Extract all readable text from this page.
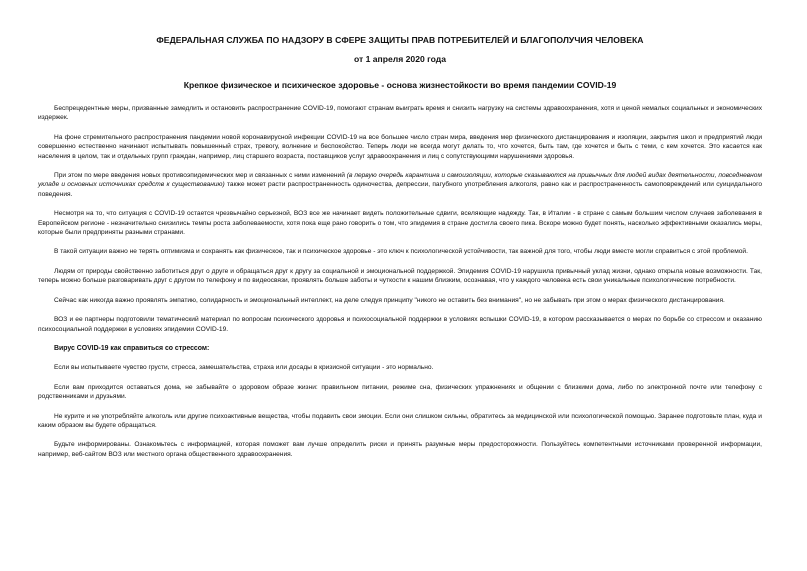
ФЕДЕРАЛЬНАЯ СЛУЖБА ПО НАДЗОРУ В СФЕРЕ ЗАЩИТЫ ПРАВ ПОТРЕБИТЕЛЕЙ И БЛАГОПОЛУЧИЯ ЧЕЛОВЕКА

от 1 апреля 2020 года

Крепкое физическое и психическое здоровье - основа жизнестойкости во время пандемии COVID-19

Беспрецедентные меры, призванные замедлить и остановить распространение COVID-19, помогают странам выиграть время и снизить нагрузку на системы здравоохранения, хотя и ценой немалых социальных и экономических издержек.

На фоне стремительного распространения пандемии новой коронавирусной инфекции COVID-19 на все большее число стран мира, введения мер физического дистанцирования и изоляции, закрытия школ и предприятий люди совершенно естественно начинают испытывать повышенный страх, тревогу, волнение и беспокойство. Теперь люди не всегда могут делать то, что хочется, быть там, где хочется и быть с теми, с кем хочется. Это касается как населения в целом, так и отдельных групп граждан, например, лиц старшего возраста, поставщиков услуг здравоохранения и лиц с сопутствующими нарушениями здоровья.

При этом по мере введения новых противоэпидемических мер и связанных с ними изменений (в первую очередь карантина и самоизоляции, которые сказываются на привычных для людей видах деятельности, повседневном укладе и основных источниках средств к существованию) также может расти распространенность одиночества, депрессии, пагубного употребления алкоголя, равно как и распространенность самоповреждений или суицидального поведения.

Несмотря на то, что ситуация с COVID-19 остается чрезвычайно серьезной, ВОЗ все же начинает видеть положительные сдвиги, вселяющие надежду. Так, в Италии - в стране с самым большим числом случаев заболевания в Европейском регионе - незначительно снизились темпы роста заболеваемости, хотя пока еще рано говорить о том, что эпидемия в стране достигла своего пика. Вскоре можно будет понять, насколько эффективными оказались меры, которые были предприняты разными странами.

В такой ситуации важно не терять оптимизма и сохранять как физическое, так и психическое здоровье - это ключ к психологической устойчивости, так важной для того, чтобы люди вместе могли справиться с этой проблемой.

Людям от природы свойственно заботиться друг о друге и обращаться друг к другу за социальной и эмоциональной поддержкой. Эпидемия COVID-19 нарушила привычный уклад жизни, однако открыла новые возможности. Так, теперь можно больше разговаривать друг с другом по телефону и по видеосвязи, проявлять больше заботы и чуткости к нашим близким, осознавая, что у каждого человека есть свои уникальные психологические потребности.

Сейчас как никогда важно проявлять эмпатию, солидарность и эмоциональный интеллект, на деле следуя принципу "никого не оставить без внимания", но не забывать при этом о мерах физического дистанцирования.

ВОЗ и ее партнеры подготовили тематический материал по вопросам психического здоровья и психосоциальной поддержки в условиях вспышки COVID-19, в котором рассказывается о мерах по борьбе со стрессом и оказанию психосоциальной поддержки в условиях эпидемии COVID-19.

Вирус COVID-19 как справиться со стрессом:

Если вы испытываете чувство грусти, стресса, замешательства, страха или досады в кризисной ситуации - это нормально.

Если вам приходится оставаться дома, не забывайте о здоровом образе жизни: правильном питании, режиме сна, физических упражнениях и общении с близкими дома, либо по электронной почте или телефону с родственниками и друзьями.

Не курите и не употребляйте алкоголь или другие психоактивные вещества, чтобы подавить свои эмоции. Если они слишком сильны, обратитесь за медицинской или психологической помощью. Заранее подготовьте план, куда и каким образом вы будете обращаться.

Будьте информированы. Ознакомьтесь с информацией, которая поможет вам лучше определить риски и принять разумные меры предосторожности. Пользуйтесь компетентными источниками проверенной информации, например, веб-сайтом ВОЗ или местного органа общественного здравоохранения.
